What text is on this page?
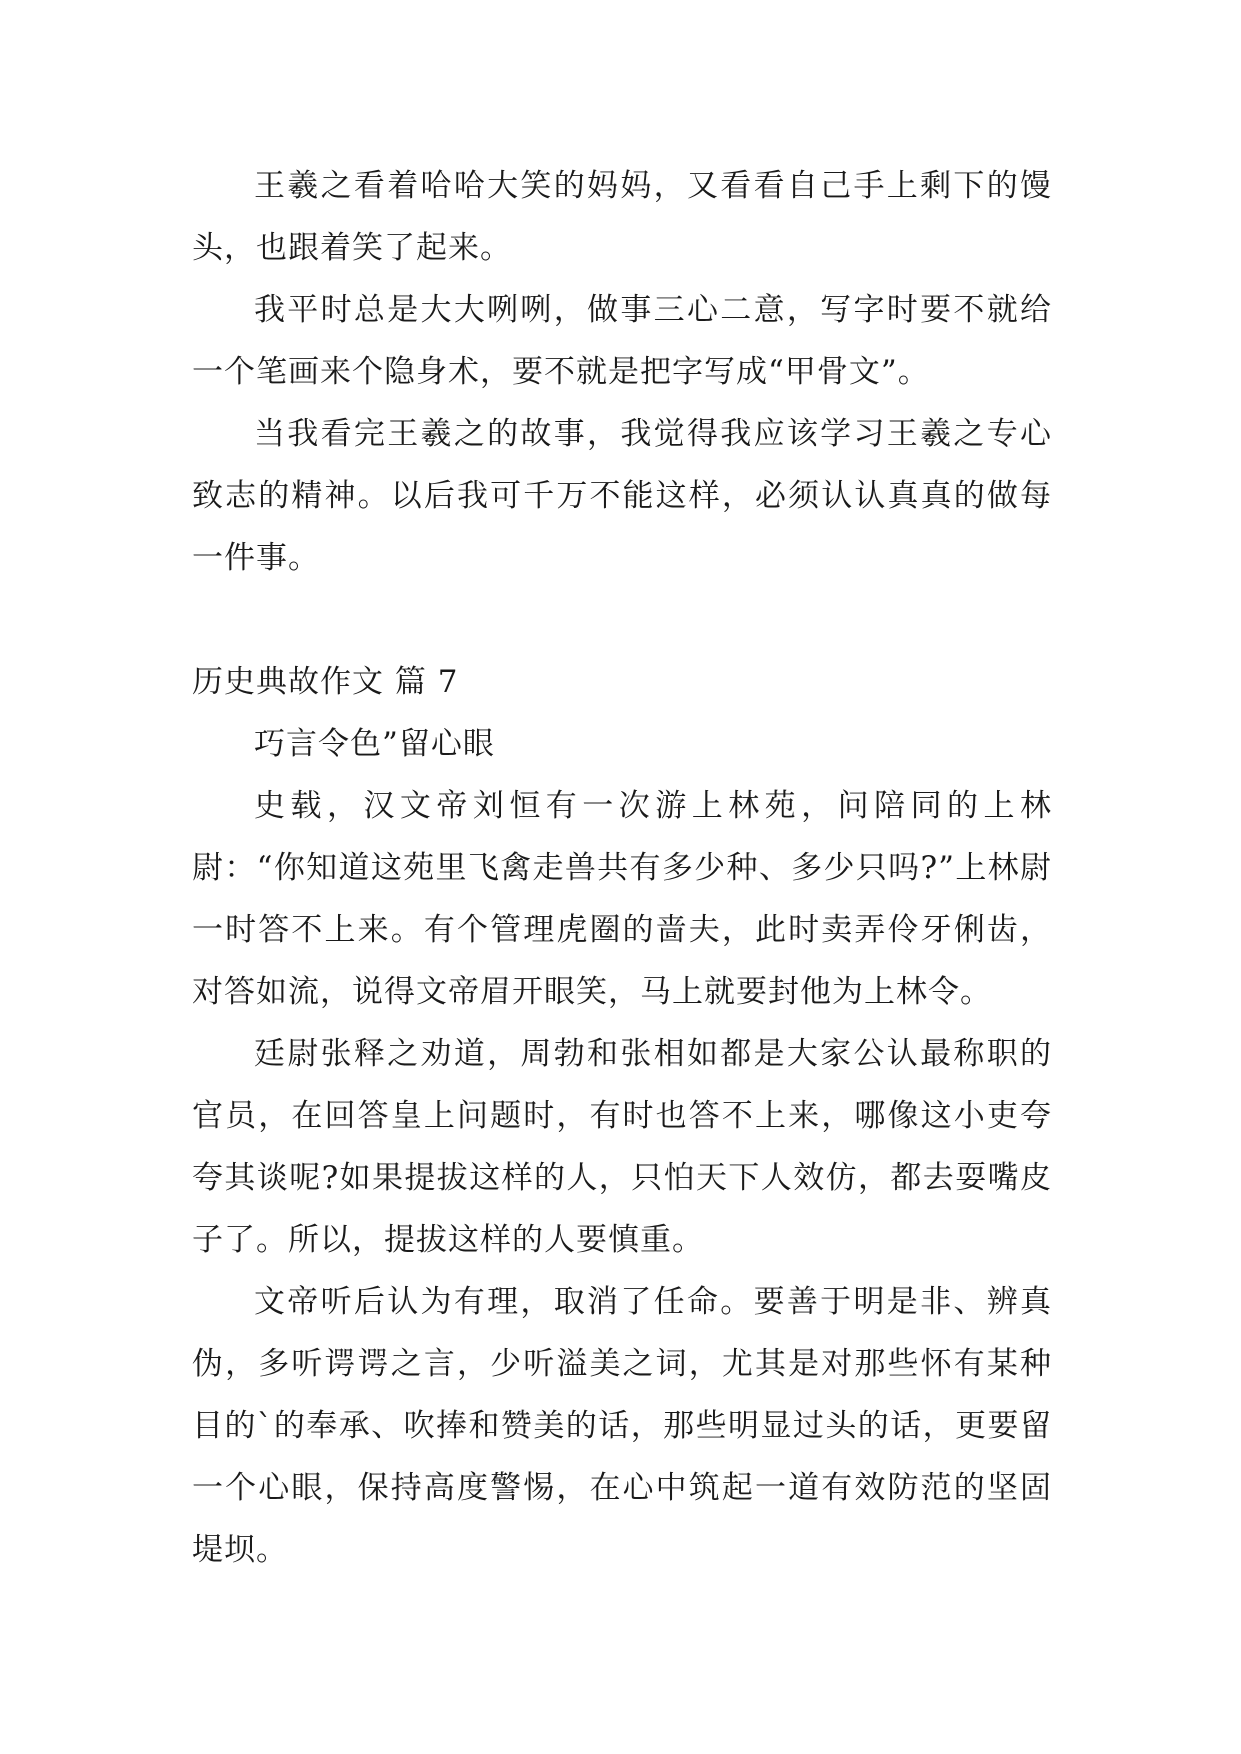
王羲之看着哈哈大笑的妈妈，又看看自己手上剩下的馒头，也跟着笑了起来。

我平时总是大大咧咧，做事三心二意，写字时要不就给一个笔画来个隐身术，要不就是把字写成“甲骨文”。

当我看完王羲之的故事，我觉得我应该学习王羲之专心致志的精神。以后我可千万不能这样，必须认认真真的做每一件事。

历史典故作文 篇 7

巧言令色”留心眼

史载，汉文帝刘恒有一次游上林苑，问陪同的上林尉：“你知道这苑里飞禽走兽共有多少种、多少只吗?”上林尉一时答不上来。有个管理虎圈的啬夫，此时卖弄伶牙俐齿，对答如流，说得文帝眉开眼笑，马上就要封他为上林令。

廷尉张释之劝道，周勃和张相如都是大家公认最称职的官员，在回答皇上问题时，有时也答不上来，哪像这小吏夸夸其谈呢?如果提拔这样的人，只怕天下人效仿，都去耍嘴皮子了。所以，提拔这样的人要慎重。

文帝听后认为有理，取消了任命。要善于明是非、辨真伪，多听谔谔之言，少听溢美之词，尤其是对那些怀有某种目的`的奉承、吹捧和赞美的话，那些明显过头的话，更要留一个心眼，保持高度警惕，在心中筑起一道有效防范的坚固堤坝。
